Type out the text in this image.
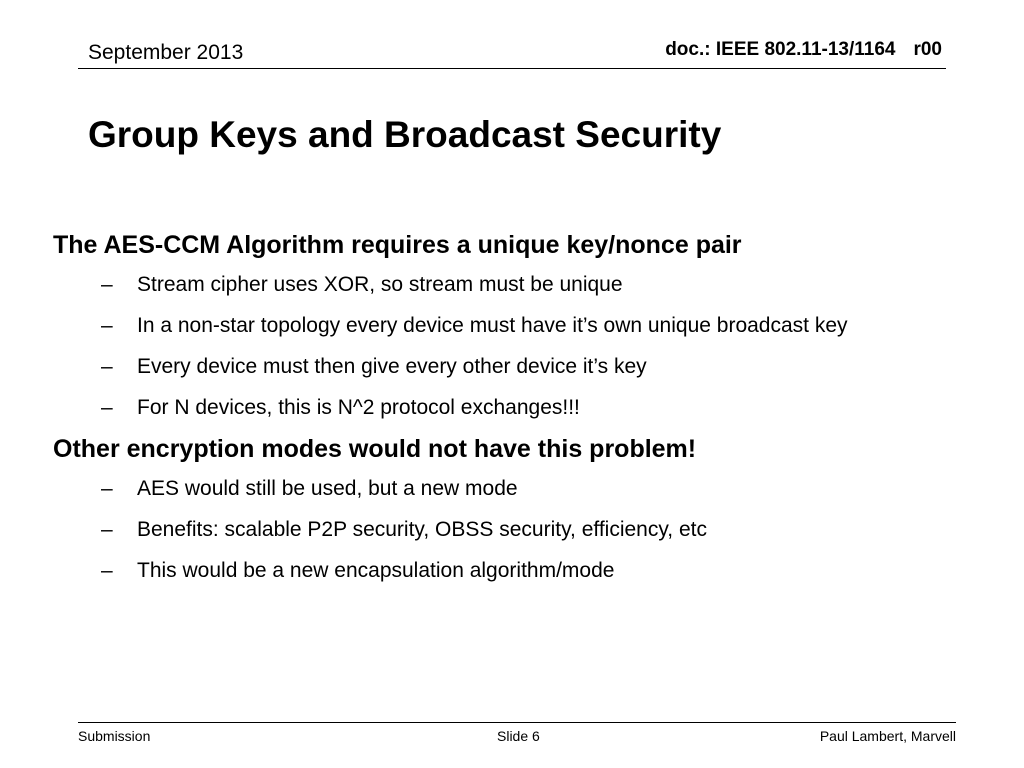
September 2013	doc.: IEEE 802.11-13/1164 r00
Group Keys and Broadcast Security

The AES-CCM Algorithm requires a unique key/nonce pair

– Stream cipher uses XOR, so stream must be unique
– In a non-star topology every device must have it’s own unique broadcast key
– Every device must then give every other device it’s key
– For N devices, this is N^2 protocol exchanges!!!

Other encryption modes would not have this problem!

– AES would still be used, but a new mode
– Benefits: scalable P2P security, OBSS security, efficiency, etc
– This would be a new encapsulation algorithm/mode
Submission	Slide 6	Paul Lambert, Marvell
